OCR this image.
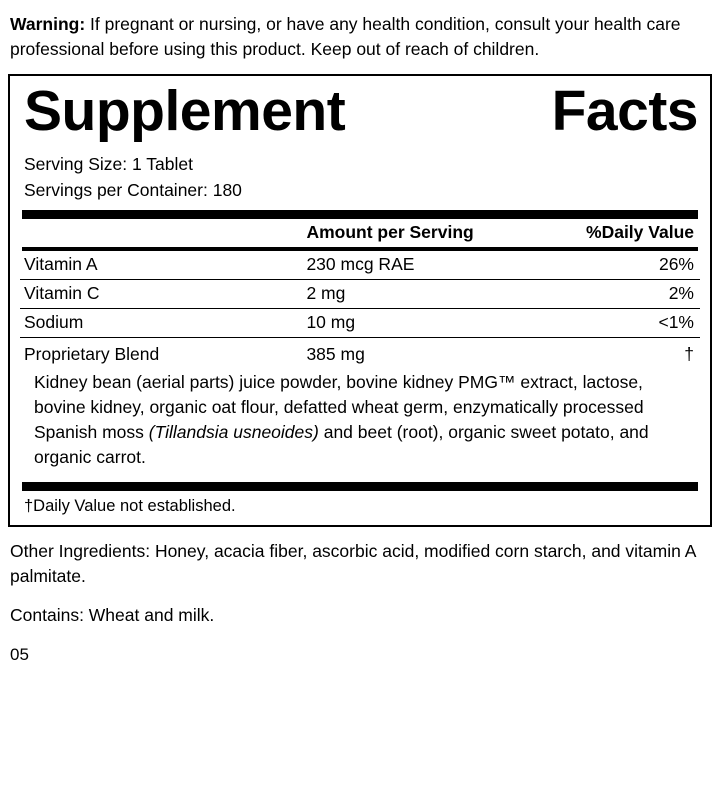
Warning: If pregnant or nursing, or have any health condition, consult your health care professional before using this product. Keep out of reach of children.
Supplement	Facts
Serving Size: 1 Tablet
Servings per Container: 180
	Amount per Serving	%Daily Value
Vitamin A	230 mcg RAE	26%
Vitamin C	2 mg	2%
Sodium	10 mg	<1%
Proprietary Blend	385 mg	†
Kidney bean (aerial parts) juice powder, bovine kidney PMG™ extract, lactose, bovine kidney, organic oat flour, defatted wheat germ, enzymatically processed Spanish moss (Tillandsia usneoides) and beet (root), organic sweet potato, and organic carrot.
†Daily Value not established.
Other Ingredients: Honey, acacia fiber, ascorbic acid, modified corn starch, and vitamin A palmitate.
Contains: Wheat and milk.
05
